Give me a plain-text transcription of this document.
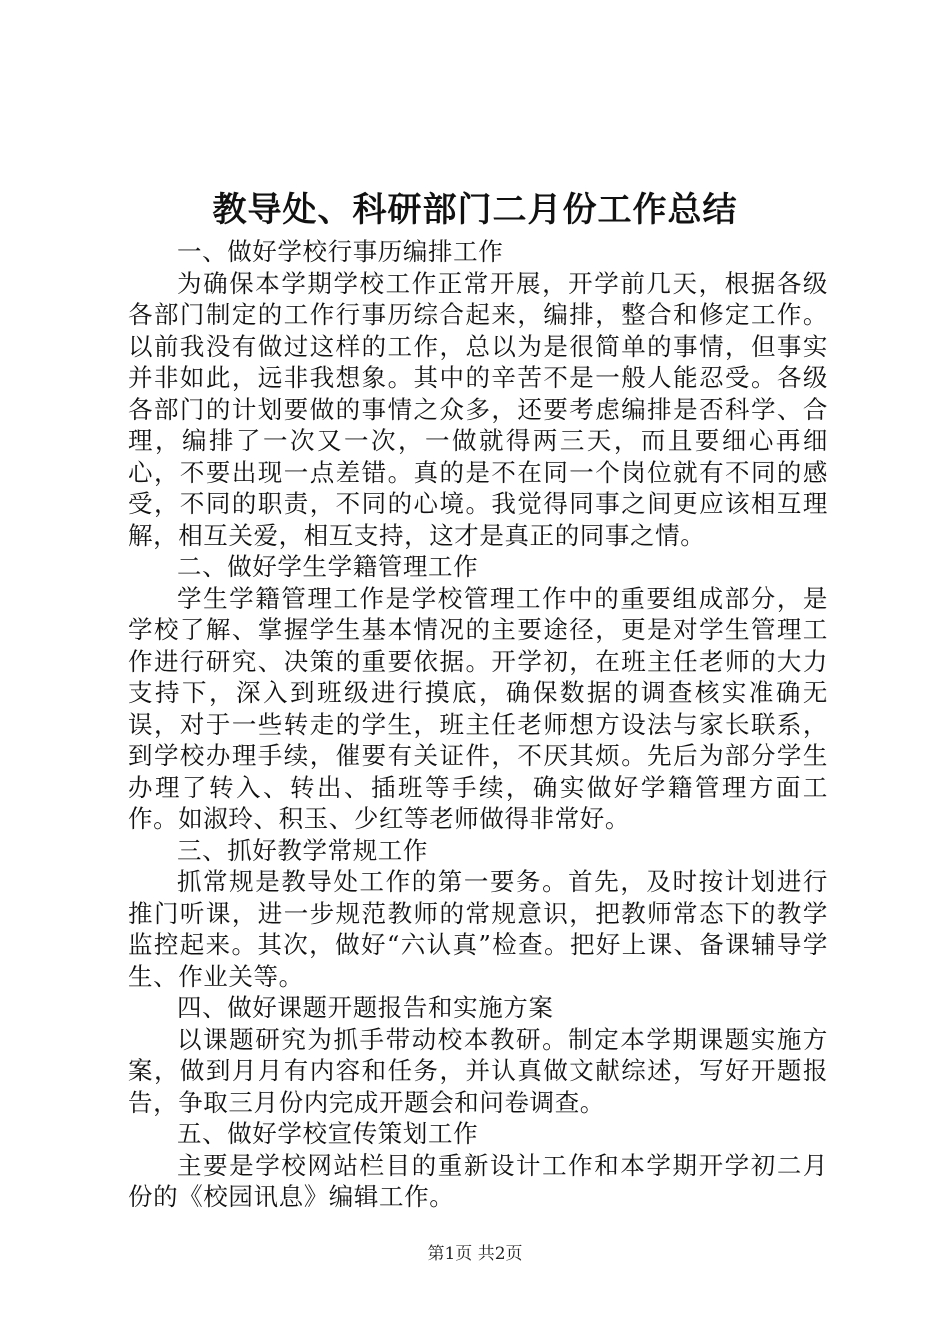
教导处、科研部门二月份工作总结

一、做好学校行事历编排工作

为确保本学期学校工作正常开展，开学前几天，根据各级各部门制定的工作行事历综合起来，编排，整合和修定工作。以前我没有做过这样的工作，总以为是很简单的事情，但事实并非如此，远非我想象。其中的辛苦不是一般人能忍受。各级各部门的计划要做的事情之众多，还要考虑编排是否科学、合理，编排了一次又一次，一做就得两三天，而且要细心再细心，不要出现一点差错。真的是不在同一个岗位就有不同的感受，不同的职责，不同的心境。我觉得同事之间更应该相互理解，相互关爱，相互支持，这才是真正的同事之情。

二、做好学生学籍管理工作

学生学籍管理工作是学校管理工作中的重要组成部分，是学校了解、掌握学生基本情况的主要途径，更是对学生管理工作进行研究、决策的重要依据。开学初，在班主任老师的大力支持下，深入到班级进行摸底，确保数据的调查核实准确无误，对于一些转走的学生，班主任老师想方设法与家长联系，到学校办理手续，催要有关证件，不厌其烦。先后为部分学生办理了转入、转出、插班等手续，确实做好学籍管理方面工作。如淑玲、积玉、少红等老师做得非常好。

三、抓好教学常规工作

抓常规是教导处工作的第一要务。首先，及时按计划进行推门听课，进一步规范教师的常规意识，把教师常态下的教学监控起来。其次，做好“六认真”检查。把好上课、备课辅导学生、作业关等。

四、做好课题开题报告和实施方案

以课题研究为抓手带动校本教研。制定本学期课题实施方案，做到月月有内容和任务，并认真做文献综述，写好开题报告，争取三月份内完成开题会和问卷调查。

五、做好学校宣传策划工作

主要是学校网站栏目的重新设计工作和本学期开学初二月份的《校园讯息》编辑工作。

第1页 共2页
